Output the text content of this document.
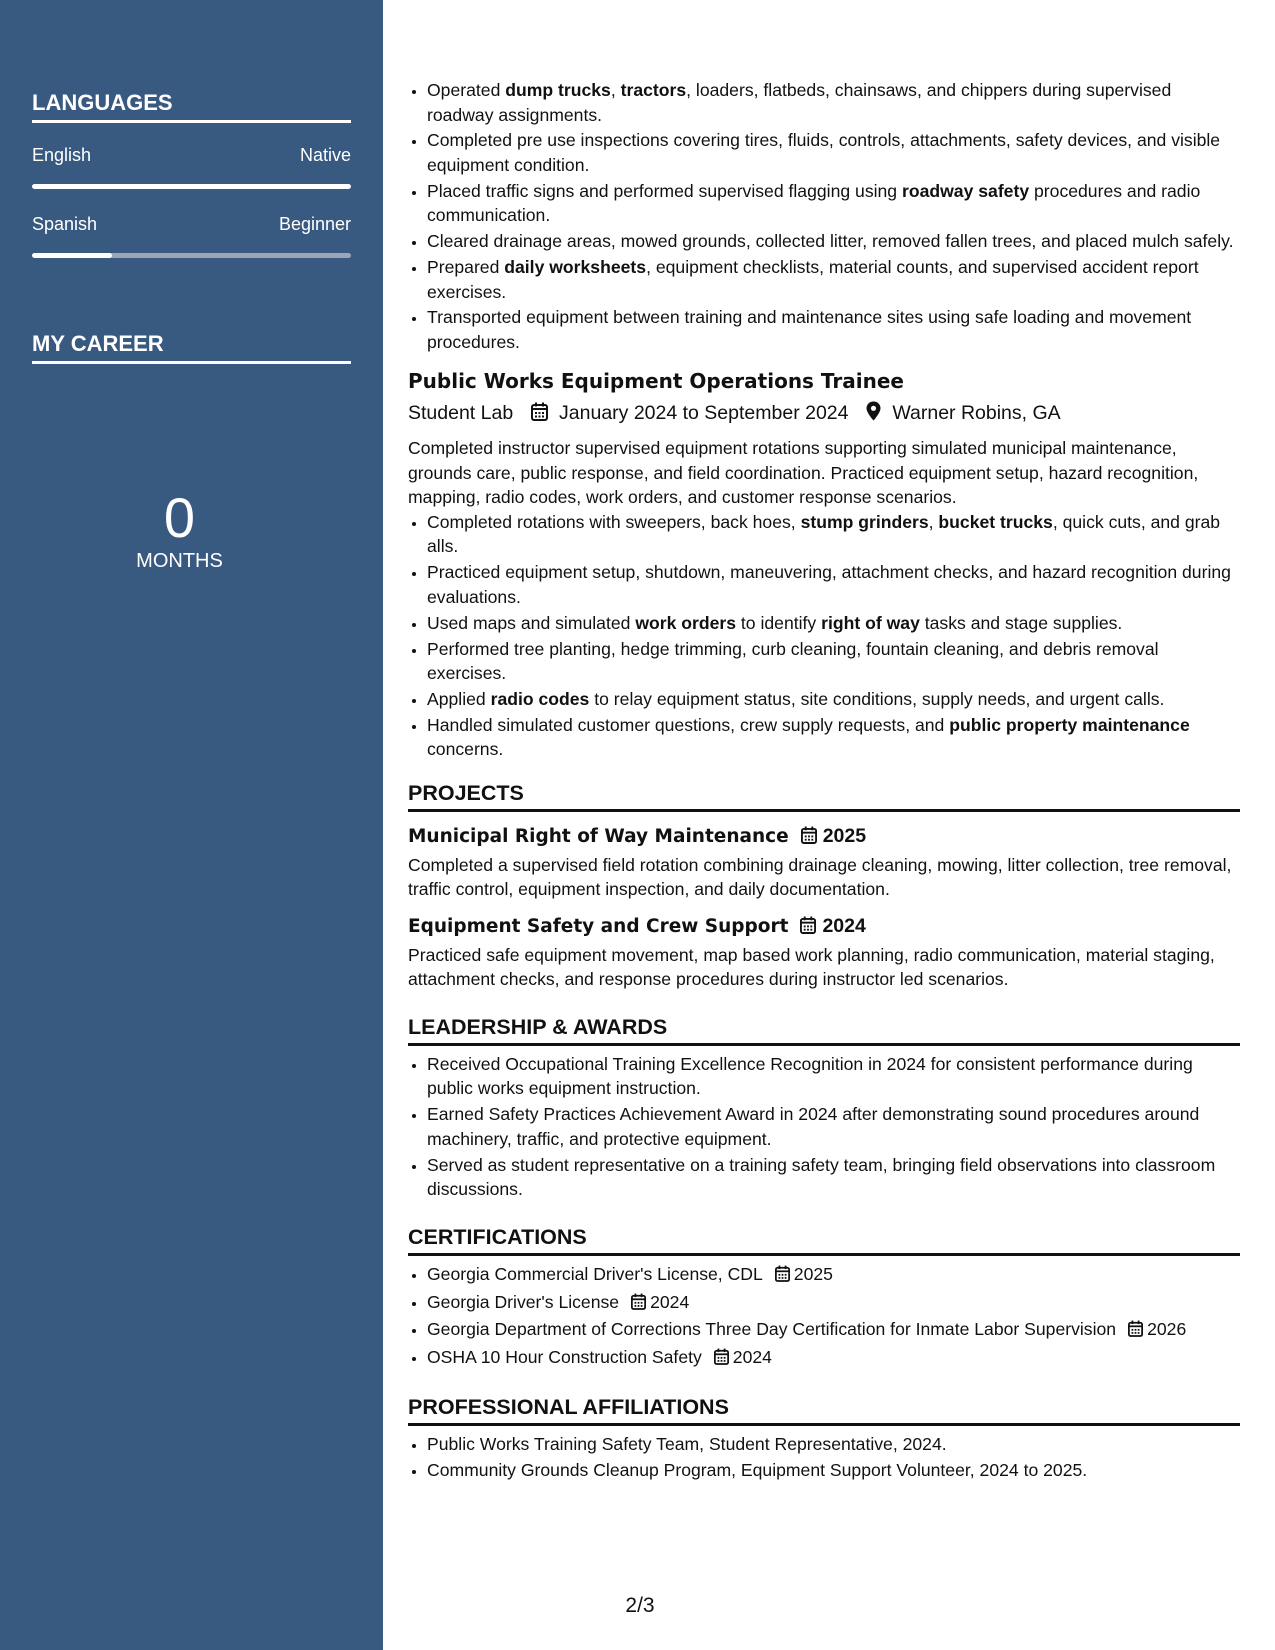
LANGUAGES
English	Native
Spanish	Beginner
MY CAREER
0
MONTHS
• Operated dump trucks, tractors, loaders, flatbeds, chainsaws, and chippers during supervised roadway assignments.
• Completed pre use inspections covering tires, fluids, controls, attachments, safety devices, and visible equipment condition.
• Placed traffic signs and performed supervised flagging using roadway safety procedures and radio communication.
• Cleared drainage areas, mowed grounds, collected litter, removed fallen trees, and placed mulch safely.
• Prepared daily worksheets, equipment checklists, material counts, and supervised accident report exercises.
• Transported equipment between training and maintenance sites using safe loading and movement procedures.
Public Works Equipment Operations Trainee
Student Lab January 2024 to September 2024 Warner Robins, GA
Completed instructor supervised equipment rotations supporting simulated municipal maintenance, grounds care, public response, and field coordination. Practiced equipment setup, hazard recognition, mapping, radio codes, work orders, and customer response scenarios.
• Completed rotations with sweepers, back hoes, stump grinders, bucket trucks, quick cuts, and grab alls.
• Practiced equipment setup, shutdown, maneuvering, attachment checks, and hazard recognition during evaluations.
• Used maps and simulated work orders to identify right of way tasks and stage supplies.
• Performed tree planting, hedge trimming, curb cleaning, fountain cleaning, and debris removal exercises.
• Applied radio codes to relay equipment status, site conditions, supply needs, and urgent calls.
• Handled simulated customer questions, crew supply requests, and public property maintenance concerns.
PROJECTS
Municipal Right of Way Maintenance 2025
Completed a supervised field rotation combining drainage cleaning, mowing, litter collection, tree removal, traffic control, equipment inspection, and daily documentation.
Equipment Safety and Crew Support 2024
Practiced safe equipment movement, map based work planning, radio communication, material staging, attachment checks, and response procedures during instructor led scenarios.
LEADERSHIP & AWARDS
• Received Occupational Training Excellence Recognition in 2024 for consistent performance during public works equipment instruction.
• Earned Safety Practices Achievement Award in 2024 after demonstrating sound procedures around machinery, traffic, and protective equipment.
• Served as student representative on a training safety team, bringing field observations into classroom discussions.
CERTIFICATIONS
• Georgia Commercial Driver's License, CDL 2025
• Georgia Driver's License 2024
• Georgia Department of Corrections Three Day Certification for Inmate Labor Supervision 2026
• OSHA 10 Hour Construction Safety 2024
PROFESSIONAL AFFILIATIONS
• Public Works Training Safety Team, Student Representative, 2024.
• Community Grounds Cleanup Program, Equipment Support Volunteer, 2024 to 2025.
2/3
